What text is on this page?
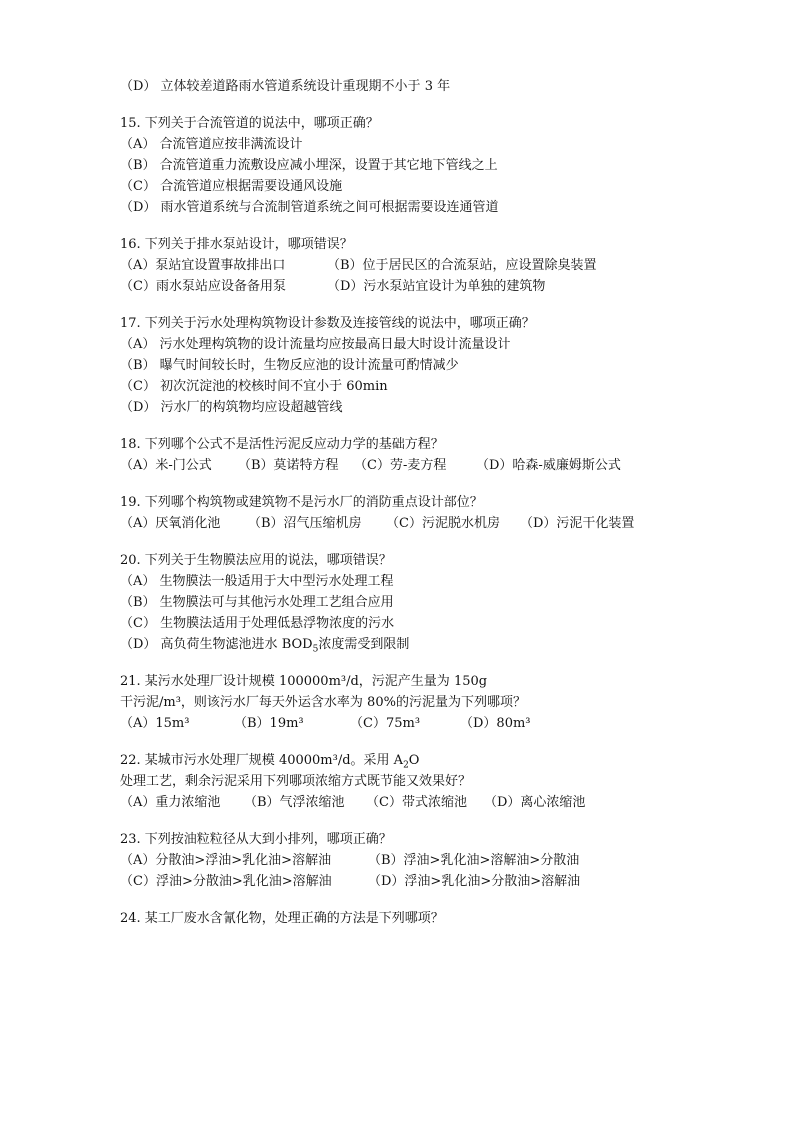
（D） 立体较差道路雨水管道系统设计重现期不小于 3 年
15. 下列关于合流管道的说法中，哪项正确？
（A） 合流管道应按非满流设计
（B） 合流管道重力流敷设应减小埋深，设置于其它地下管线之上
（C） 合流管道应根据需要设通风设施
（D） 雨水管道系统与合流制管道系统之间可根据需要设连通管道
16. 下列关于排水泵站设计，哪项错误？
（A）泵站宜设置事故排出口	（B）位于居民区的合流泵站，应设置除臭装置
（C）雨水泵站应设备备用泵	（D）污水泵站宜设计为单独的建筑物
17. 下列关于污水处理构筑物设计参数及连接管线的说法中，哪项正确？
（A） 污水处理构筑物的设计流量均应按最高日最大时设计流量设计
（B） 曝气时间较长时，生物反应池的设计流量可酌情减少
（C） 初次沉淀池的校核时间不宜小于 60min
（D） 污水厂的构筑物均应设超越管线
18. 下列哪个公式不是活性污泥反应动力学的基础方程？
（A）米-门公式	（B）莫诺特方程	（C）劳-麦方程	（D）哈森-威廉姆斯公式
19. 下列哪个构筑物或建筑物不是污水厂的消防重点设计部位？
（A）厌氧消化池	（B）沼气压缩机房	（C）污泥脱水机房	（D）污泥干化装置
20. 下列关于生物膜法应用的说法，哪项错误？
（A） 生物膜法一般适用于大中型污水处理工程
（B） 生物膜法可与其他污水处理工艺组合应用
（C） 生物膜法适用于处理低悬浮物浓度的污水
（D） 高负荷生物滤池进水 $BOD_5$浓度需受到限制
21. 某污水处理厂设计规模 100000m³/d，污泥产生量为 150g
干污泥/m³，则该污水厂每天外运含水率为 80%的污泥量为下列哪项？
（A）15m³	（B）19m³	（C）75m³	（D）80m³
22. 某城市污水处理厂规模 40000m³/d。采用 $A_2O$
处理工艺，剩余污泥采用下列哪项浓缩方式既节能又效果好？
（A）重力浓缩池	（B）气浮浓缩池	（C）带式浓缩池	（D）离心浓缩池
23. 下列按油粒粒径从大到小排列，哪项正确？
（A）分散油>浮油>乳化油>溶解油	（B）浮油>乳化油>溶解油>分散油
（C）浮油>分散油>乳化油>溶解油	（D）浮油>乳化油>分散油>溶解油
24. 某工厂废水含氰化物，处理正确的方法是下列哪项？
